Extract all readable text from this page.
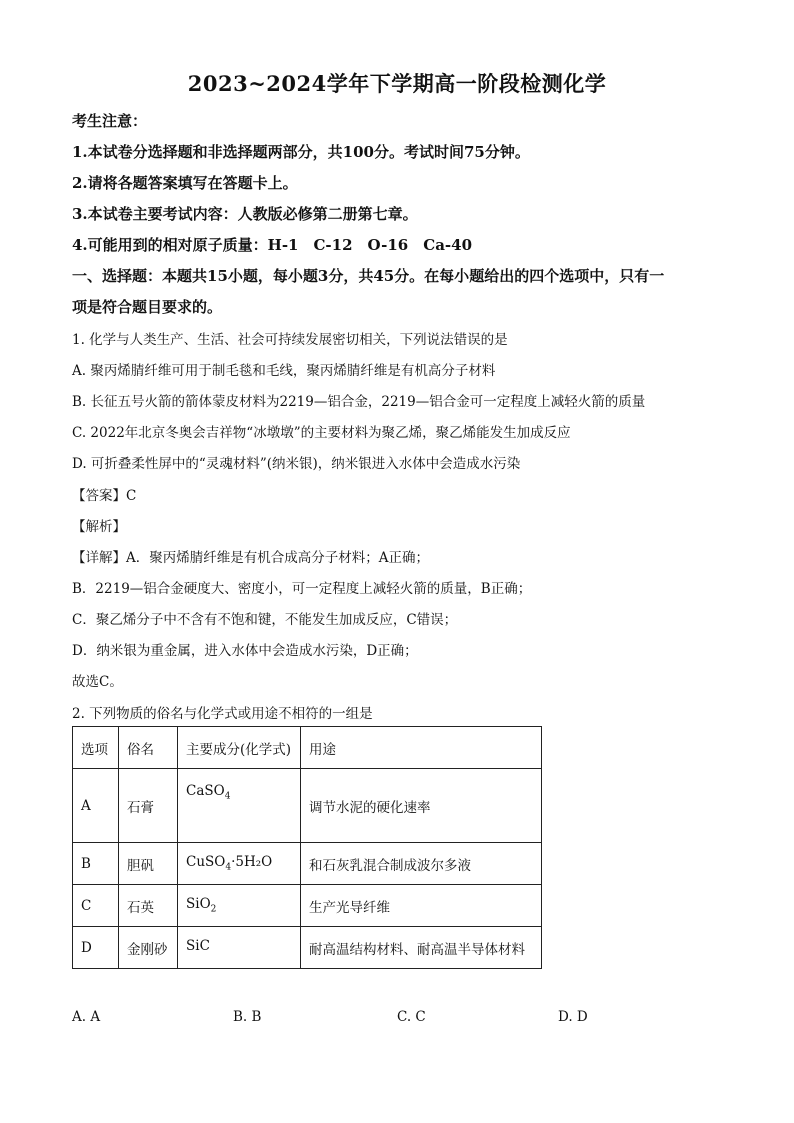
2023~2024学年下学期高一阶段检测化学
考生注意：
1.本试卷分选择题和非选择题两部分，共100分。考试时间75分钟。
2.请将各题答案填写在答题卡上。
3.本试卷主要考试内容：人教版必修第二册第七章。
4.可能用到的相对原子质量：H-1　C-12　O-16　Ca-40
一、选择题：本题共15小题，每小题3分，共45分。在每小题给出的四个选项中，只有一
项是符合题目要求的。
1. 化学与人类生产、生活、社会可持续发展密切相关，下列说法错误的是
A. 聚丙烯腈纤维可用于制毛毯和毛线，聚丙烯腈纤维是有机高分子材料
B. 长征五号火箭的箭体蒙皮材料为2219—铝合金，2219—铝合金可一定程度上减轻火箭的质量
C. 2022年北京冬奥会吉祥物“冰墩墩”的主要材料为聚乙烯，聚乙烯能发生加成反应
D. 可折叠柔性屏中的“灵魂材料”(纳米银)，纳米银进入水体中会造成水污染
【答案】C
【解析】
【详解】A．聚丙烯腈纤维是有机合成高分子材料；A正确；
B．2219—铝合金硬度大、密度小，可一定程度上减轻火箭的质量，B正确；
C．聚乙烯分子中不含有不饱和键，不能发生加成反应，C错误；
D．纳米银为重金属，进入水体中会造成水污染，D正确；
故选C。
2. 下列物质的俗名与化学式或用途不相符的一组是
选项	俗名	主要成分(化学式)	用途
A	石膏	CaSO$_4$	调节水泥的硬化速率
B	胆矾	CuSO$_4$·5H₂O	和石灰乳混合制成波尔多液
C	石英	SiO$_2$	生产光导纤维
D	金刚砂	SiC	耐高温结构材料、耐高温半导体材料
A. A	B. B	C. C	D. D
